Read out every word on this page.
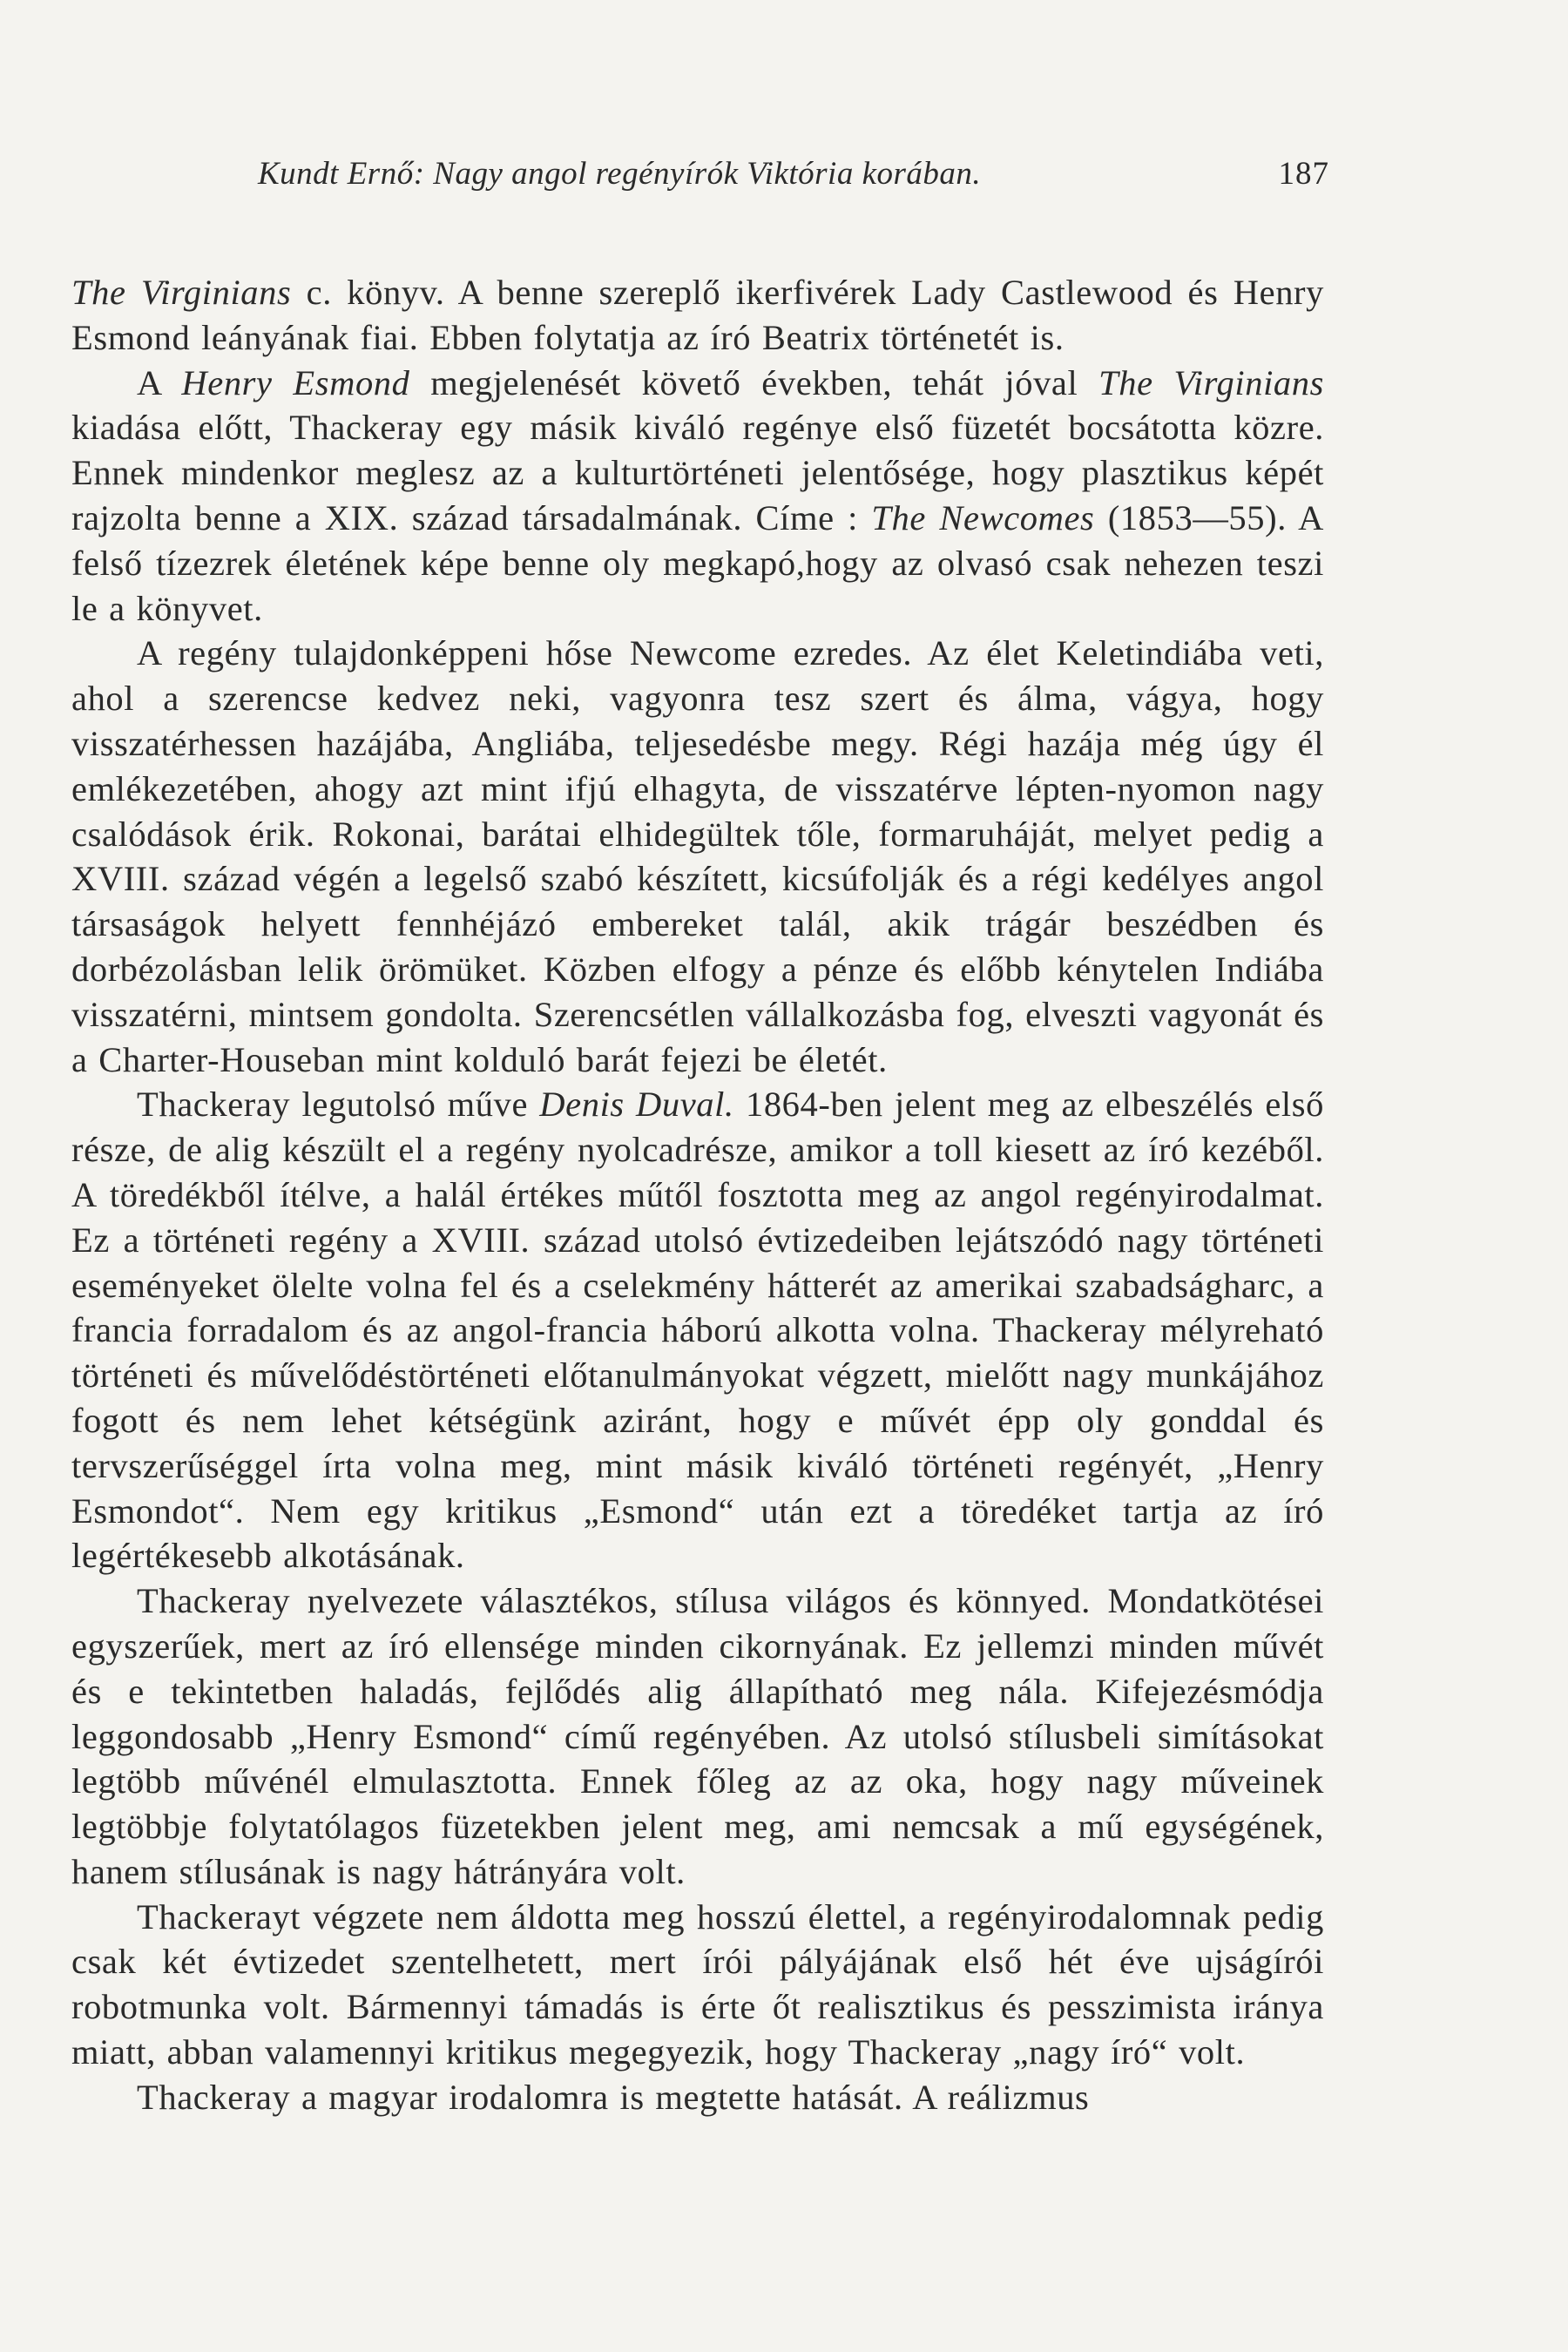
Kundt Ernő: Nagy angol regényírók Viktória korában.	187

The Virginians c. könyv. A benne szereplő ikerfivérek Lady Castlewood és Henry Esmond leányának fiai. Ebben folytatja az író Beatrix történetét is.

A Henry Esmond megjelenését követő években, tehát jóval The Virginians kiadása előtt, Thackeray egy másik kiváló regénye első füzetét bocsátotta közre. Ennek mindenkor meglesz az a kulturtörténeti jelentősége, hogy plasztikus képét rajzolta benne a XIX. század társadalmának. Címe : The Newcomes (1853—55). A felső tízezrek életének képe benne oly megkapó,hogy az olvasó csak nehezen teszi le a könyvet.

A regény tulajdonképpeni hőse Newcome ezredes. Az élet Keletindiába veti, ahol a szerencse kedvez neki, vagyonra tesz szert és álma, vágya, hogy visszatérhessen hazájába, Angliába, teljesedésbe megy. Régi hazája még úgy él emlékezetében, ahogy azt mint ifjú elhagyta, de visszatérve lépten-nyomon nagy csalódások érik. Rokonai, barátai elhidegültek tőle, formaruháját, melyet pedig a XVIII. század végén a legelső szabó készített, kicsúfolják és a régi kedélyes angol társaságok helyett fennhéjázó embereket talál, akik trágár beszédben és dorbézolásban lelik örömüket. Közben elfogy a pénze és előbb kénytelen Indiába visszatérni, mintsem gondolta. Szerencsétlen vállalkozásba fog, elveszti vagyonát és a Charter-Houseban mint kolduló barát fejezi be életét.

Thackeray legutolsó műve Denis Duval. 1864-ben jelent meg az elbeszélés első része, de alig készült el a regény nyolcadrésze, amikor a toll kiesett az író kezéből. A töredékből ítélve, a halál értékes műtől fosztotta meg az angol regényirodalmat. Ez a történeti regény a XVIII. század utolsó évtizedeiben lejátszódó nagy történeti eseményeket ölelte volna fel és a cselekmény hátterét az amerikai szabadságharc, a francia forradalom és az angol-francia háború alkotta volna. Thackeray mélyreható történeti és művelődéstörténeti előtanulmányokat végzett, mielőtt nagy munkájához fogott és nem lehet kétségünk aziránt, hogy e művét épp oly gonddal és tervszerűséggel írta volna meg, mint másik kiváló történeti regényét, „Henry Esmondot“. Nem egy kritikus „Esmond“ után ezt a töredéket tartja az író legértékesebb alkotásának.

Thackeray nyelvezete választékos, stílusa világos és könnyed. Mondatkötései egyszerűek, mert az író ellensége minden cikornyának. Ez jellemzi minden művét és e tekintetben haladás, fejlődés alig állapítható meg nála. Kifejezésmódja leggondosabb „Henry Esmond“ című regényében. Az utolsó stílusbeli simításokat legtöbb művénél elmulasztotta. Ennek főleg az az oka, hogy nagy műveinek legtöbbje folytatólagos füzetekben jelent meg, ami nemcsak a mű egységének, hanem stílusának is nagy hátrányára volt.

Thackerayt végzete nem áldotta meg hosszú élettel, a regényirodalomnak pedig csak két évtizedet szentelhetett, mert írói pályájának első hét éve ujságírói robotmunka volt. Bármennyi támadás is érte őt realisztikus és pesszimista iránya miatt, abban valamennyi kritikus megegyezik, hogy Thackeray „nagy író“ volt.

Thackeray a magyar irodalomra is megtette hatását. A reálizmus
